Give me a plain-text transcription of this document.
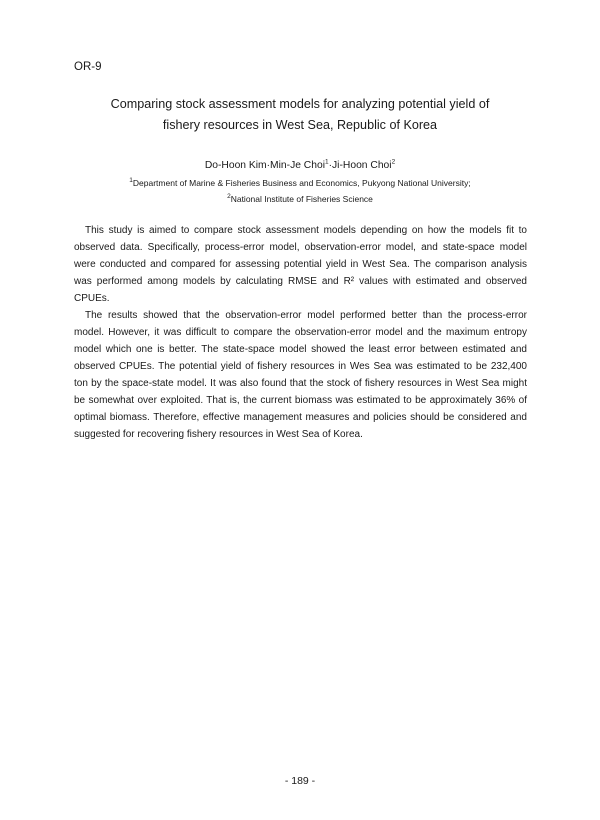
OR-9
Comparing stock assessment models for analyzing potential yield of
fishery resources in West Sea, Republic of Korea
Do-Hoon Kim·Min-Je Choi$^1$·Ji-Hoon Choi$^2$
$^1$Department of Marine & Fisheries Business and Economics, Pukyong National University;
$^2$National Institute of Fisheries Science

This study is aimed to compare stock assessment models depending on how the models fit to observed data. Specifically, process-error model, observation-error model, and state-space model were conducted and compared for assessing potential yield in West Sea. The comparison analysis was performed among models by calculating RMSE and R² values with estimated and observed CPUEs.

The results showed that the observation-error model performed better than the process-error model. However, it was difficult to compare the observation-error model and the maximum entropy model which one is better. The state-space model showed the least error between estimated and observed CPUEs. The potential yield of fishery resources in Wes Sea was estimated to be 232,400 ton by the space-state model. It was also found that the stock of fishery resources in West Sea might be somewhat over exploited. That is, the current biomass was estimated to be approximately 36% of optimal biomass. Therefore, effective management measures and policies should be considered and suggested for recovering fishery resources in West Sea of Korea.

- 189 -
